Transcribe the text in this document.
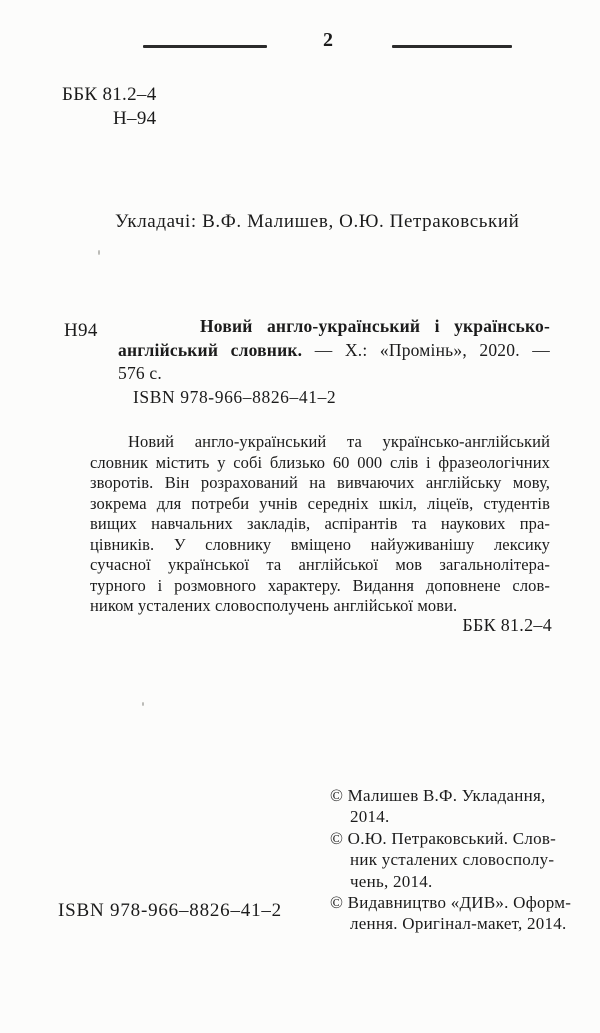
2
ББК 81.2–4
Н–94
Укладачі: В.Ф. Малишев, О.Ю. Петраковський
Н94	Новий англо-український і українсько-
англійський словник. — Х.: «Промінь», 2020. —
576 с.
ISBN 978-966–8826–41–2
Новий англо-український та українсько-англійський
словник містить у собі близько 60 000 слів і фразеологічних
зворотів. Він розрахований на вивчаючих англійську мову,
зокрема для потреби учнів середніх шкіл, ліцеїв, студентів
вищих навчальних закладів, аспірантів та наукових пра-
цівників. У словнику вміщено найуживанішу лексику
сучасної української та англійської мов загальнолітера-
турного і розмовного характеру. Видання доповнене слов-
ником усталених словосполучень англійської мови.
ББК 81.2–4
© Малишев В.Ф. Укладання,
2014.
© О.Ю. Петраковський. Слов-
ник усталених словосполу-
чень, 2014.
© Видавництво «ДИВ». Оформ-
лення. Оригінал-макет, 2014.
ISBN 978-966–8826–41–2
